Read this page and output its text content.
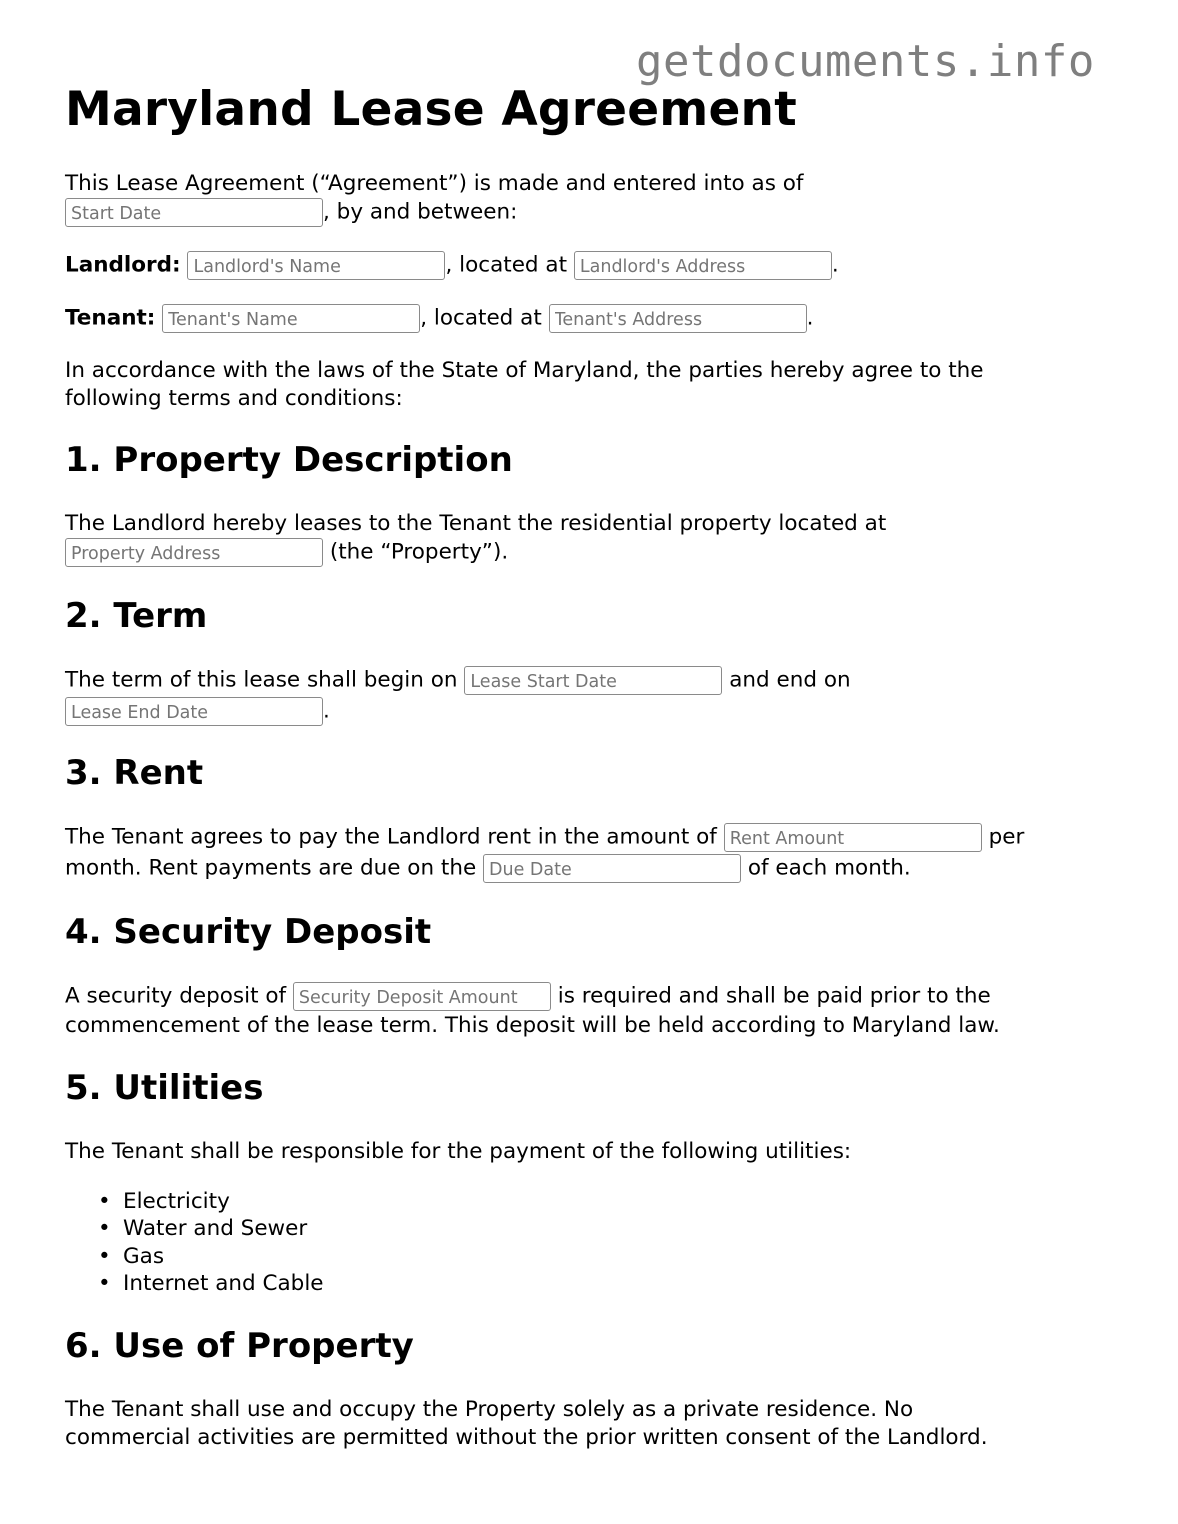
getdocuments.info
Maryland Lease Agreement

This Lease Agreement (“Agreement”) is made and entered into as of

Start Date, by and between:

Landlord: Landlord's Name	, located at Landlord's Address	.

Tenant: Tenant's Name	, located at Tenant's Address	.

In accordance with the laws of the State of Maryland, the parties hereby agree to the

following terms and conditions:

1. Property Description

The Landlord hereby leases to the Tenant the residential property located at

Property Address (the “Property”).

2. Term

The term of this lease shall begin on Lease Start Date	and end on

Lease End Date.

3. Rent

The Tenant agrees to pay the Landlord rent in the amount of Rent Amount	per

month. Rent payments are due on the Due Date	of each month.

4. Security Deposit

A security deposit of Security Deposit Amount	is required and shall be paid prior to the

commencement of the lease term. This deposit will be held according to Maryland law.

5. Utilities

The Tenant shall be responsible for the payment of the following utilities:

• Electricity
• Water and Sewer
• Gas
• Internet and Cable
6. Use of Property

The Tenant shall use and occupy the Property solely as a private residence. No

commercial activities are permitted without the prior written consent of the Landlord.
